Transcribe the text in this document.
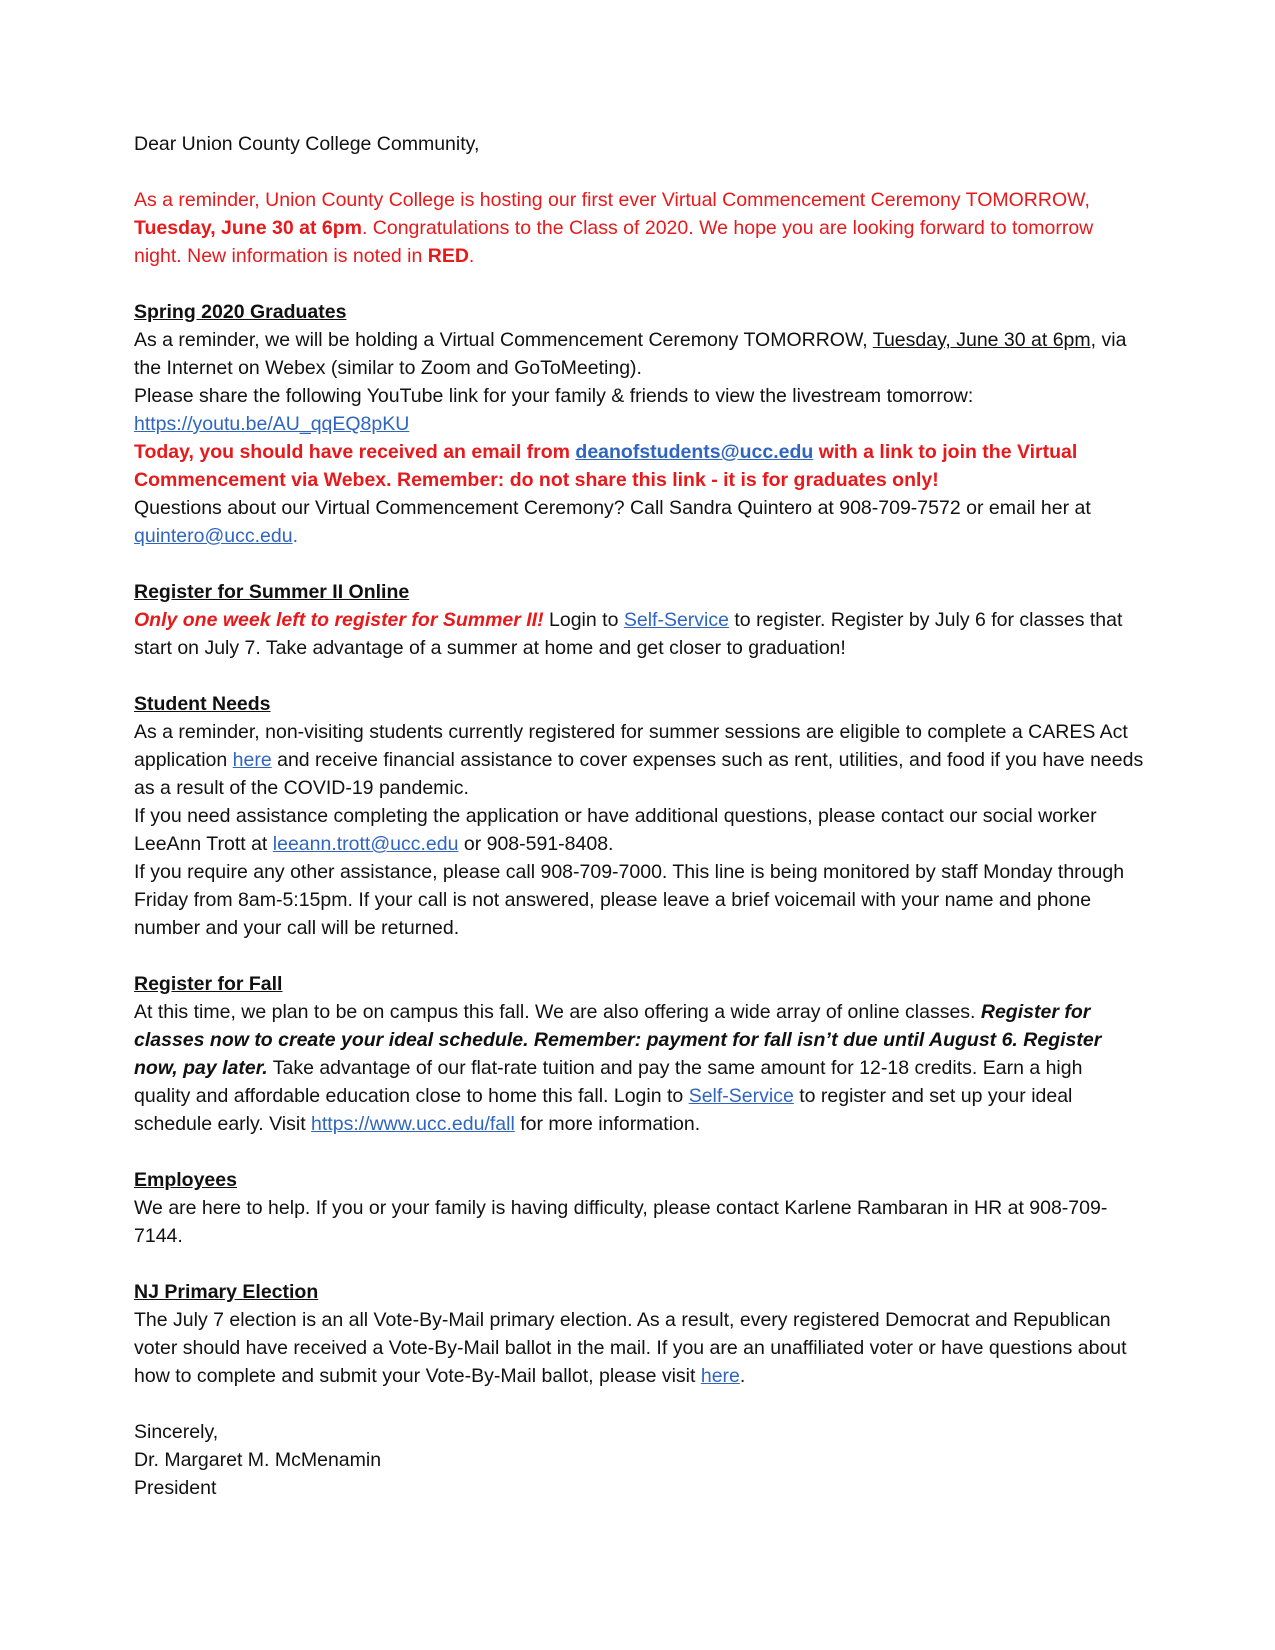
Dear Union County College Community,

As a reminder, Union County College is hosting our first ever Virtual Commencement Ceremony TOMORROW, Tuesday, June 30 at 6pm. Congratulations to the Class of 2020. We hope you are looking forward to tomorrow night. New information is noted in RED.

Spring 2020 Graduates

As a reminder, we will be holding a Virtual Commencement Ceremony TOMORROW, Tuesday, June 30 at 6pm, via the Internet on Webex (similar to Zoom and GoToMeeting).

Please share the following YouTube link for your family & friends to view the livestream tomorrow: https://youtu.be/AU_qqEQ8pKU

Today, you should have received an email from deanofstudents@ucc.edu with a link to join the Virtual Commencement via Webex. Remember: do not share this link - it is for graduates only!

Questions about our Virtual Commencement Ceremony? Call Sandra Quintero at 908-709-7572 or email her at quintero@ucc.edu.

Register for Summer II Online

Only one week left to register for Summer II! Login to Self-Service to register. Register by July 6 for classes that start on July 7. Take advantage of a summer at home and get closer to graduation!

Student Needs

As a reminder, non-visiting students currently registered for summer sessions are eligible to complete a CARES Act application here and receive financial assistance to cover expenses such as rent, utilities, and food if you have needs as a result of the COVID-19 pandemic.

If you need assistance completing the application or have additional questions, please contact our social worker LeeAnn Trott at leeann.trott@ucc.edu or 908-591-8408.

If you require any other assistance, please call 908-709-7000. This line is being monitored by staff Monday through Friday from 8am-5:15pm. If your call is not answered, please leave a brief voicemail with your name and phone number and your call will be returned.

Register for Fall

At this time, we plan to be on campus this fall. We are also offering a wide array of online classes. Register for classes now to create your ideal schedule. Remember: payment for fall isn’t due until August 6. Register now, pay later. Take advantage of our flat-rate tuition and pay the same amount for 12-18 credits. Earn a high quality and affordable education close to home this fall. Login to Self-Service to register and set up your ideal schedule early. Visit https://www.ucc.edu/fall for more information.

Employees

We are here to help. If you or your family is having difficulty, please contact Karlene Rambaran in HR at 908-709-7144.

NJ Primary Election

The July 7 election is an all Vote-By-Mail primary election. As a result, every registered Democrat and Republican voter should have received a Vote-By-Mail ballot in the mail. If you are an unaffiliated voter or have questions about how to complete and submit your Vote-By-Mail ballot, please visit here.

Sincerely,

Dr. Margaret M. McMenamin

President
